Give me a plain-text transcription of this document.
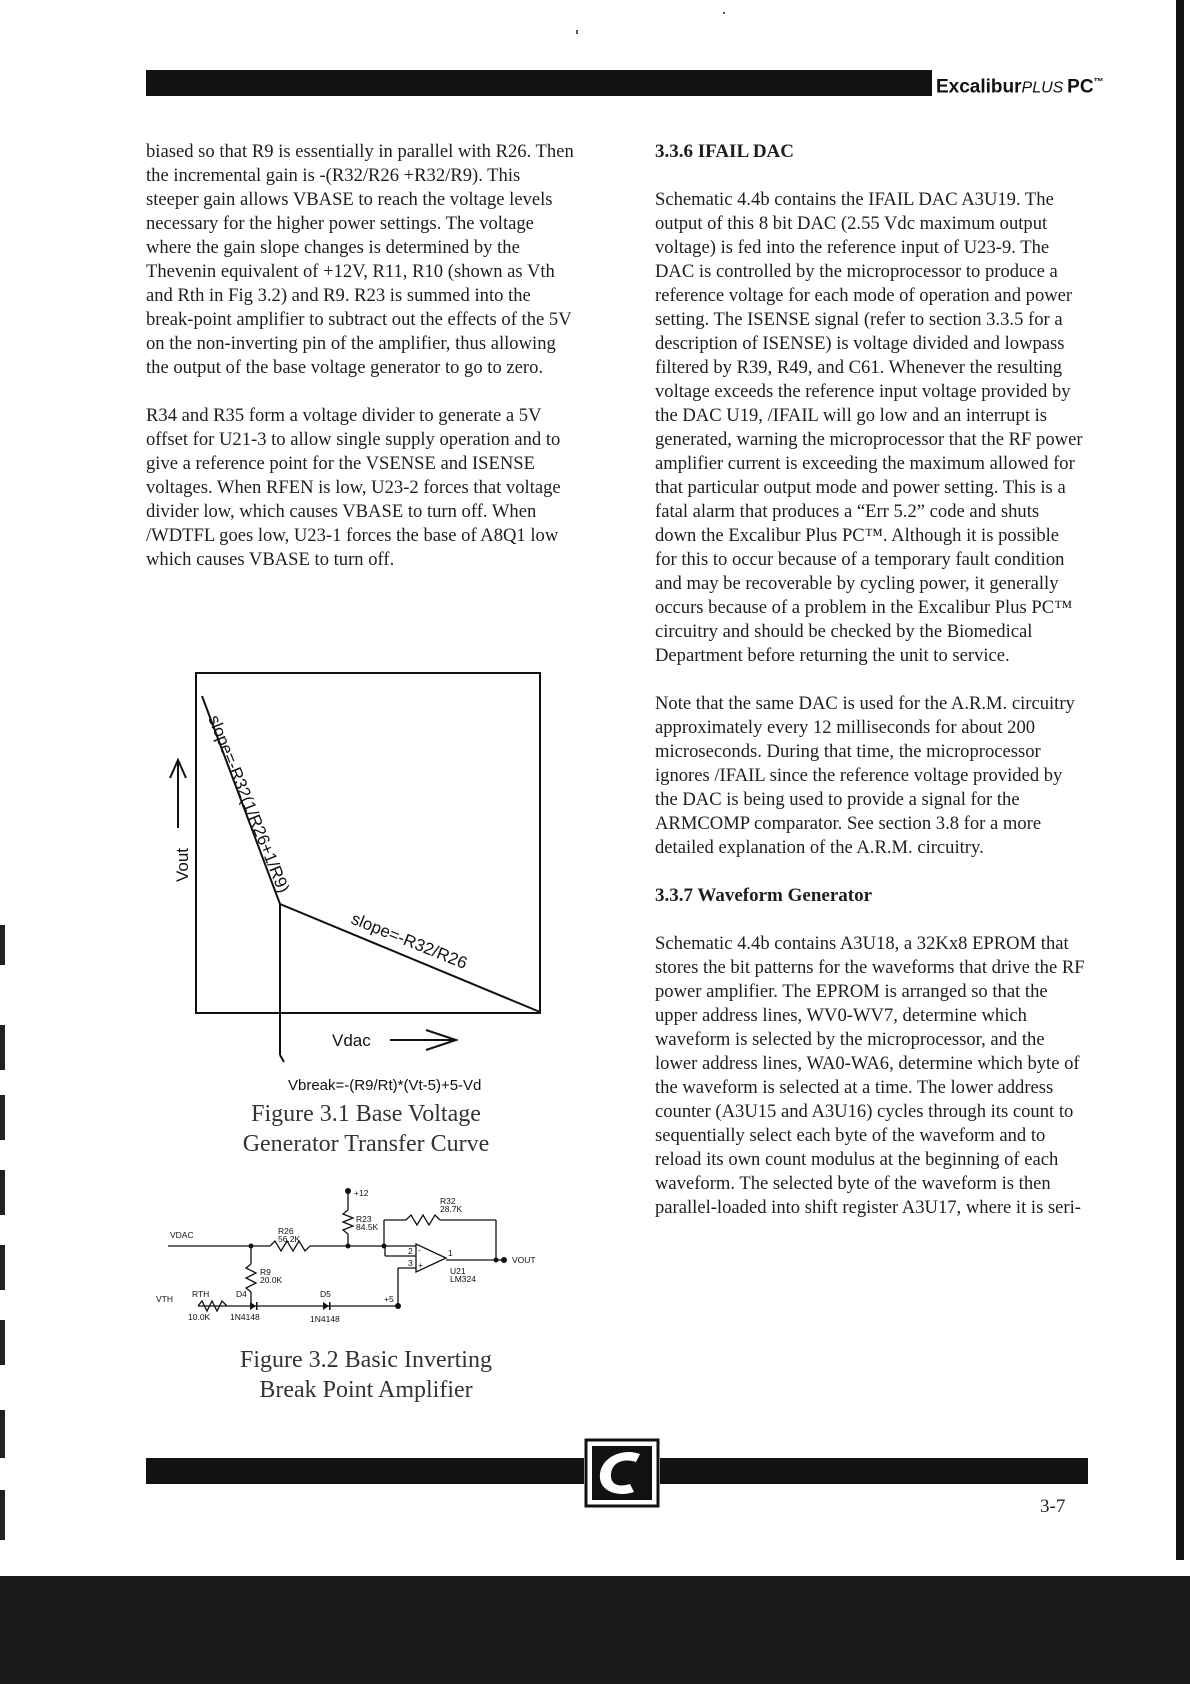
ExcaliburPLUS  PC™

biased so that R9 is essentially in parallel with R26. Then the incremental gain is -(R32/R26 +R32/R9). This steeper gain allows VBASE to reach the voltage levels necessary for the higher power settings. The voltage where the gain slope changes is determined by the Thevenin equivalent of +12V, R11, R10 (shown as Vth and Rth in Fig 3.2) and R9. R23 is summed into the break-point amplifier to subtract out the effects of the 5V on the non-inverting pin of the amplifier, thus allowing the output of the base voltage generator to go to zero.

R34 and R35 form a voltage divider to generate a 5V offset for U21-3 to allow single supply operation and to give a reference point for the VSENSE and ISENSE voltages. When RFEN is low, U23-2 forces that voltage divider low, which causes VBASE to turn off. When /WDTFL goes low, U23-1 forces the base of A8Q1 low which causes VBASE to turn off.

Vout
Vdac
slope=-R32(1/R26+1/R9)
slope=-R32/R26
Vbreak=-(R9/Rt)*(Vt-5)+5-Vd
Figure 3.1 Base Voltage
Generator Transfer Curve
VDAC
VTH RTH
10.0K
D4
1N4148
D5
1N4148
R26
56.2K
R9
20.0K
R23
84.5K
R32
28.7K
+12
+5
2
3
1
-
+
U21
LM324
VOUT
Figure 3.2 Basic Inverting
Break Point Amplifier
3.3.6 IFAIL DAC

Schematic 4.4b contains the IFAIL DAC A3U19. The output of this 8 bit DAC (2.55 Vdc maximum output voltage) is fed into the reference input of U23-9. The DAC is controlled by the microprocessor to produce a reference voltage for each mode of operation and power setting. The ISENSE signal (refer to section 3.3.5 for a description of ISENSE) is voltage divided and lowpass filtered by R39, R49, and C61. Whenever the resulting voltage exceeds the reference input voltage provided by the DAC U19, /IFAIL will go low and an interrupt is generated, warning the microprocessor that the RF power amplifier current is exceeding the maximum allowed for that particular output mode and power setting. This is a fatal alarm that produces a “Err 5.2” code and shuts down the Excalibur Plus PC™. Although it is possible for this to occur because of a temporary fault condition and may be recoverable by cycling power, it generally occurs because of a problem in the Excalibur Plus PC™ circuitry and should be checked by the Biomedical Department before returning the unit to service.

Note that the same DAC is used for the A.R.M. circuitry approximately every 12 milliseconds for about 200 microseconds. During that time, the microprocessor ignores /IFAIL since the reference voltage provided by the DAC is being used to provide a signal for the ARMCOMP comparator. See section 3.8 for a more detailed explanation of the A.R.M. circuitry.

3.3.7 Waveform Generator

Schematic 4.4b contains A3U18, a 32Kx8 EPROM that stores the bit patterns for the waveforms that drive the RF power amplifier. The EPROM is arranged so that the upper address lines, WV0-WV7, determine which waveform is selected by the microprocessor, and the lower address lines, WA0-WA6, determine which byte of the waveform is selected at a time. The lower address counter (A3U15 and A3U16) cycles through its count to sequentially select each byte of the waveform and to reload its own count modulus at the beginning of each waveform. The selected byte of the waveform is then parallel-loaded into shift register A3U17, where it is seri-

3-7
